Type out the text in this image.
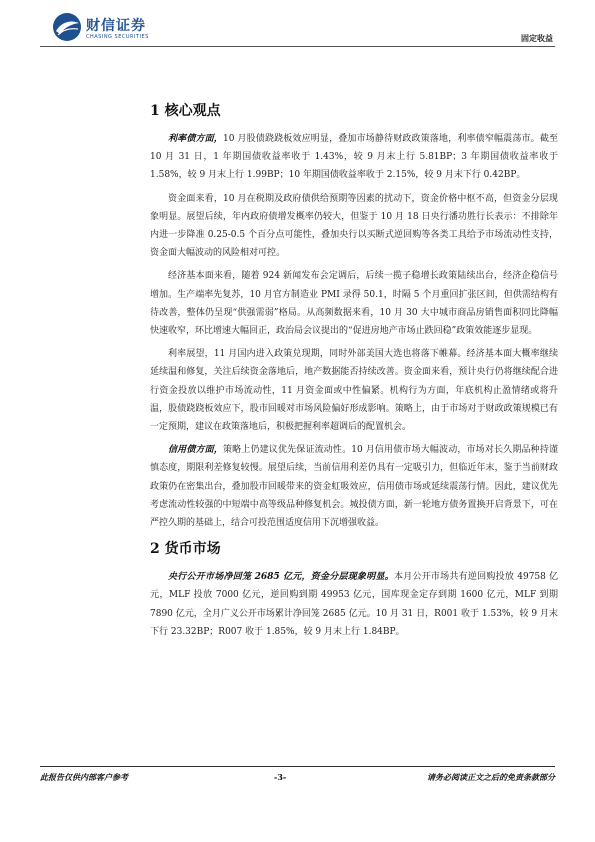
财信证券
CHASING SECURITIES	固定收益
1 核心观点

利率债方面，10 月股债跷跷板效应明显，叠加市场静待财政政策落地，利率债窄幅震荡市。截至 10 月 31 日，1 年期国债收益率收于 1.43%，较 9 月末上行 5.81BP；3 年期国债收益率收于 1.58%，较 9 月末上行 1.99BP；10 年期国债收益率收于 2.15%，较 9 月末下行 0.42BP。

资金面来看，10 月在税期及政府债供给预期等因素的扰动下，资金价格中枢不高，但资金分层现象明显。展望后续，年内政府债增发概率仍较大，但鉴于 10 月 18 日央行潘功胜行长表示：不排除年内进一步降准 0.25-0.5 个百分点可能性，叠加央行以买断式逆回购等各类工具给予市场流动性支持，资金面大幅波动的风险相对可控。

经济基本面来看，随着 924 新闻发布会定调后，后续一揽子稳增长政策陆续出台，经济企稳信号增加。生产端率先复苏，10 月官方制造业 PMI 录得 50.1，时隔 5 个月重回扩张区间，但供需结构有待改善，整体仍呈现“供强需弱”格局。从高频数据来看，10 月 30 大中城市商品房销售面积同比降幅快速收窄，环比增速大幅回正，政治局会议提出的“促进房地产市场止跌回稳”政策效能逐步显现。

利率展望，11 月国内进入政策兑现期，同时外部美国大选也将落下帷幕。经济基本面大概率继续延续温和修复，关注后续资金落地后，地产数据能否持续改善。资金面来看，预计央行仍将继续配合进行资金投放以维护市场流动性，11 月资金面或中性偏紧。机构行为方面，年底机构止盈情绪或将升温，股债跷跷板效应下，股市回暖对市场风险偏好形成影响。策略上，由于市场对于财政政策规模已有一定预期，建议在政策落地后，积极把握利率超调后的配置机会。

信用债方面，策略上仍建议优先保证流动性。10 月信用债市场大幅波动，市场对长久期品种持谨慎态度，期限利差修复较慢。展望后续，当前信用利差仍具有一定吸引力，但临近年末，鉴于当前财政政策仍在密集出台，叠加股市回暖带来的资金虹吸效应，信用债市场或延续震荡行情。因此，建议优先考虑流动性较强的中短端中高等级品种修复机会。城投债方面，新一轮地方债务置换开启背景下，可在严控久期的基础上，结合可投范围适度信用下沉增强收益。

2 货币市场

央行公开市场净回笼 2685 亿元，资金分层现象明显。本月公开市场共有逆回购投放 49758 亿元，MLF 投放 7000 亿元，逆回购到期 49953 亿元，国库现金定存到期 1600 亿元，MLF 到期 7890 亿元，全月广义公开市场累计净回笼 2685 亿元。10 月 31 日，R001 收于 1.53%，较 9 月末下行 23.32BP；R007 收于 1.85%，较 9 月末上行 1.84BP。

此报告仅供内部客户参考	-3-	请务必阅读正文之后的免责条款部分
